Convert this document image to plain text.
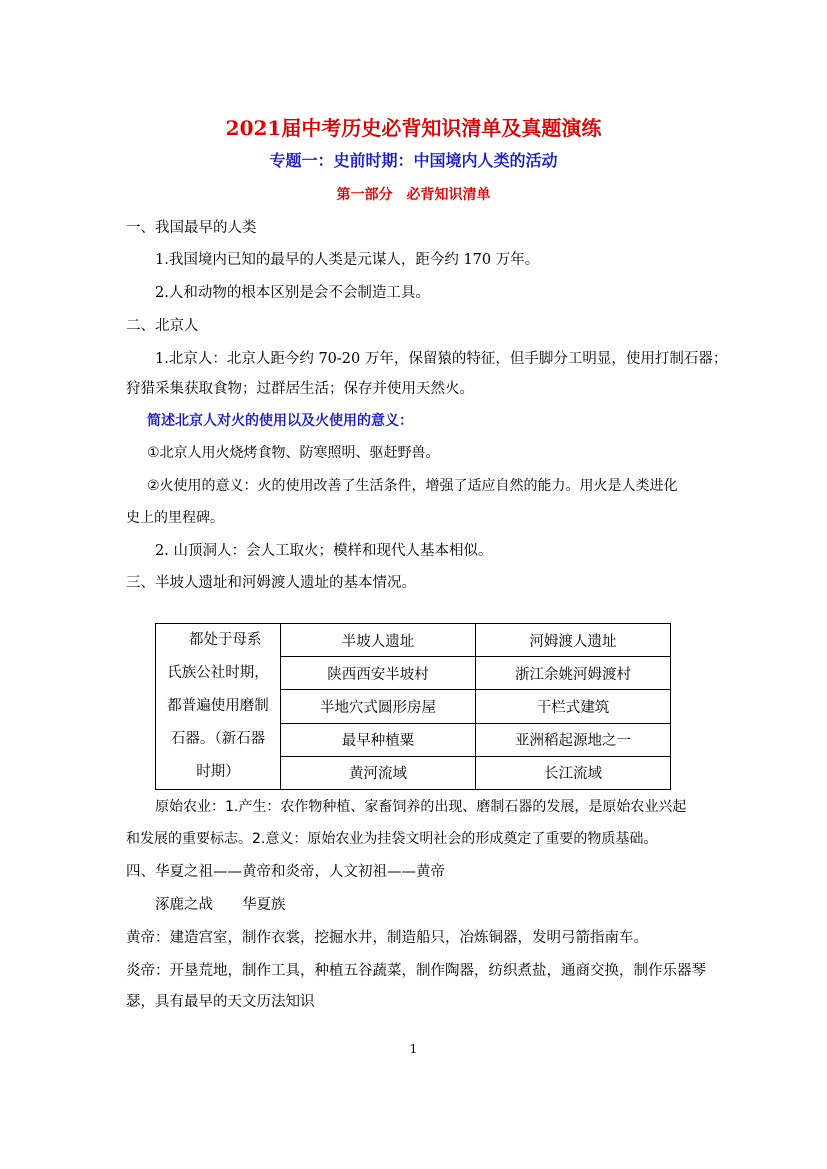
2021届中考历史必背知识清单及真题演练
专题一：史前时期：中国境内人类的活动
第一部分　必背知识清单
一、我国最早的人类
1.我国境内已知的最早的人类是元谋人，距今约 170 万年。
2.人和动物的根本区别是会不会制造工具。
二、北京人
1.北京人：北京人距今约 70-20 万年，保留猿的特征，但手脚分工明显，使用打制石器；
狩猎采集获取食物；过群居生活；保存并使用天然火。
简述北京人对火的使用以及火使用的意义：
①北京人用火烧烤食物、防寒照明、驱赶野兽。
②火使用的意义：火的使用改善了生活条件，增强了适应自然的能力。用火是人类进化
史上的里程碑。
2. 山顶洞人：会人工取火；模样和现代人基本相似。
三、半坡人遗址和河姆渡人遗址的基本情况。
　都处于母系
氏族公社时期，
都普遍使用磨制
石器。（新石器
时期）	半坡人遗址	河姆渡人遗址
	陕西西安半坡村	浙江余姚河姆渡村
	半地穴式圆形房屋	干栏式建筑
	最早种植粟	亚洲稻起源地之一
	黄河流域	长江流域
原始农业：1.产生：农作物种植、家畜饲养的出现、磨制石器的发展，是原始农业兴起
和发展的重要标志。2.意义：原始农业为挂袋文明社会的形成奠定了重要的物质基础。
四、华夏之祖——黄帝和炎帝，人文初祖——黄帝
涿鹿之战　　华夏族
黄帝：建造宫室，制作衣裳，挖掘水井，制造船只，冶炼铜器，发明弓箭指南车。
炎帝：开垦荒地，制作工具，种植五谷蔬菜，制作陶器，纺织煮盐，通商交换，制作乐器琴
瑟，具有最早的天文历法知识
1
